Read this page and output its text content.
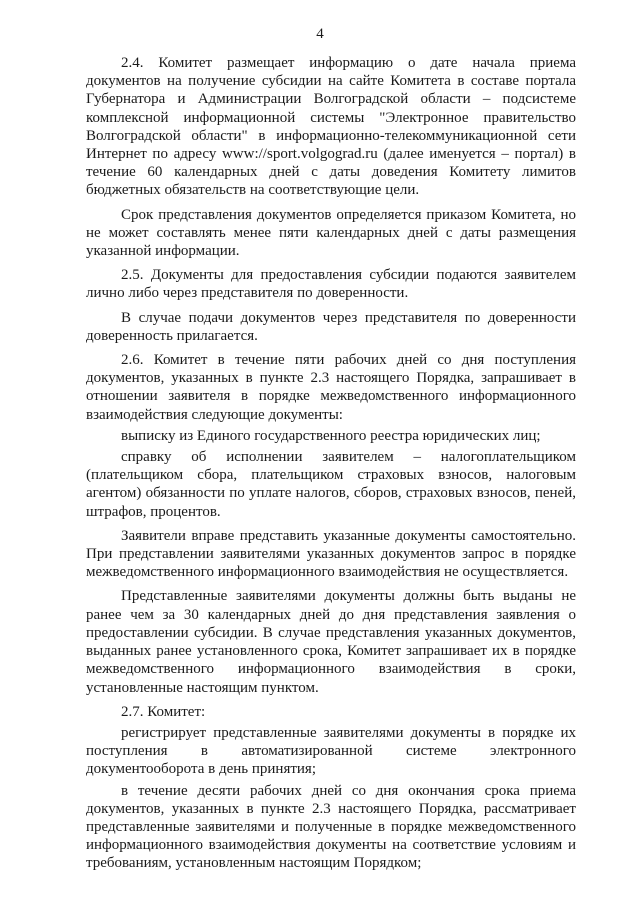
4

2.4. Комитет размещает информацию о дате начала приема документов на получение субсидии на сайте Комитета в составе портала Губернатора и Администрации Волгоградской области – подсистеме комплексной информационной системы "Электронное правительство Волгоградской области" в информационно-телекоммуникационной сети Интернет по адресу www://sport.volgograd.ru (далее именуется – портал) в течение 60 календарных дней с даты доведения Комитету лимитов бюджетных обязательств на соответствующие цели.

Срок представления документов определяется приказом Комитета, но не может составлять менее пяти календарных дней с даты размещения указанной информации.

2.5. Документы для предоставления субсидии подаются заявителем лично либо через представителя по доверенности.

В случае подачи документов через представителя по доверенности доверенность прилагается.

2.6. Комитет в течение пяти рабочих дней со дня поступления документов, указанных в пункте 2.3 настоящего Порядка, запрашивает в отношении заявителя в порядке межведомственного информационного взаимодействия следующие документы:

выписку из Единого государственного реестра юридических лиц;

справку об исполнении заявителем – налогоплательщиком (плательщиком сбора, плательщиком страховых взносов, налоговым агентом) обязанности по уплате налогов, сборов, страховых взносов, пеней, штрафов, процентов.

Заявители вправе представить указанные документы самостоятельно. При представлении заявителями указанных документов запрос в порядке межведомственного информационного взаимодействия не осуществляется.

Представленные заявителями документы должны быть выданы не ранее чем за 30 календарных дней до дня представления заявления о предоставлении субсидии. В случае представления указанных документов, выданных ранее установленного срока, Комитет запрашивает их в порядке межведомственного информационного взаимодействия в сроки, установленные настоящим пунктом.

2.7. Комитет:

регистрирует представленные заявителями документы в порядке их поступления в автоматизированной системе электронного документооборота в день принятия;

в течение десяти рабочих дней со дня окончания срока приема документов, указанных в пункте 2.3 настоящего Порядка, рассматривает представленные заявителями и полученные в порядке межведомственного информационного взаимодействия документы на соответствие условиям и требованиям, установленным настоящим Порядком;
